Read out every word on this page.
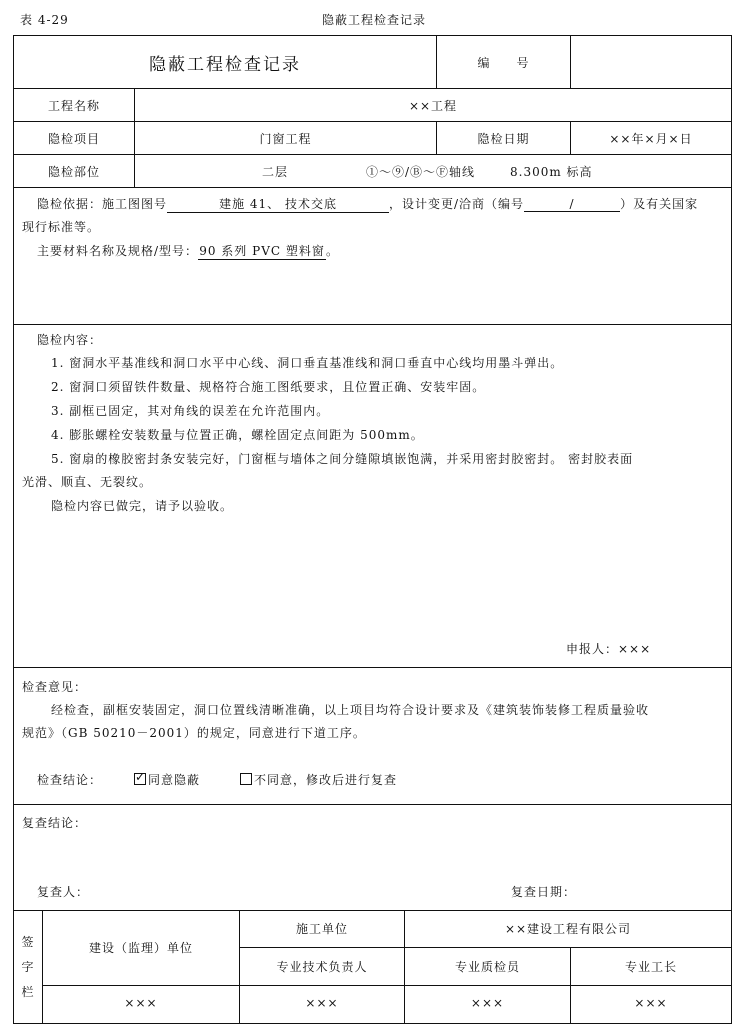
表 4-29	隐蔽工程检查记录
隐蔽工程检查记录	编　　号
工程名称	××工程
隐检项目	门窗工程	隐检日期	××年×月×日
隐检部位	二层	①～⑨/Ⓑ～Ⓕ轴线	8.300m 标高
隐检依据：施工图图号	建施 41、 技术交底	，设计变更/洽商（编号	/	）及有关国家
现行标准等。
主要材料名称及规格/型号：90 系列 PVC 塑料窗。
隐检内容：
1. 窗洞水平基准线和洞口水平中心线、洞口垂直基准线和洞口垂直中心线均用墨斗弹出。
2. 窗洞口须留铁件数量、规格符合施工图纸要求，且位置正确、安装牢固。
3. 副框已固定，其对角线的误差在允许范围内。
4. 膨胀螺栓安装数量与位置正确，螺栓固定点间距为 500mm。
5. 窗扇的橡胶密封条安装完好，门窗框与墙体之间分缝隙填嵌饱满，并采用密封胶密封。 密封胶表面
光滑、顺直、无裂纹。
隐检内容已做完，请予以验收。
申报人：×××
检查意见：
经检查，副框安装固定，洞口位置线清晰准确，以上项目均符合设计要求及《建筑装饰装修工程质量验收
规范》（GB 50210－2001）的规定，同意进行下道工序。
检查结论：
✓	同意隐蔽	不同意，修改后进行复查
复查结论：
复查人：	复查日期：
签
字
栏
建设（监理）单位
施工单位	××建设工程有限公司
专业技术负责人	专业质检员	专业工长
×××	×××	×××	×××
